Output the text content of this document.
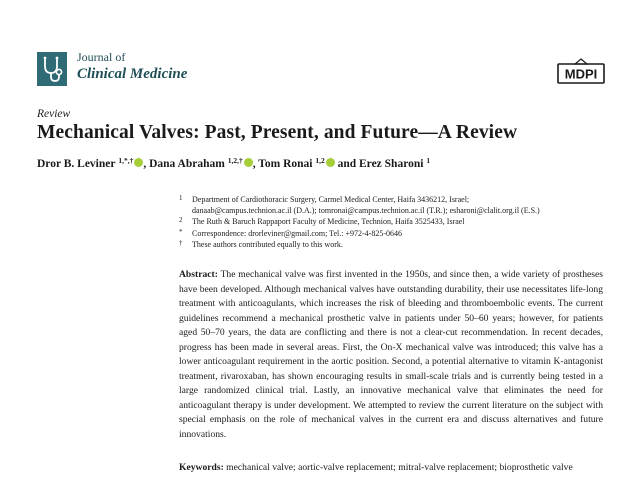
Journal of
Clinical Medicine	MDPI
Review
Mechanical Valves: Past, Present, and Future—A Review
Dror B. Leviner $^{1,*,\dagger}$ , Dana Abraham $^{1,2,\dagger}$ , Tom Ronai $^{1,2}$ and Erez Sharoni $^1$
1 Department of Cardiothoracic Surgery, Carmel Medical Center, Haifa 3436212, Israel;
danaab@campus.technion.ac.il (D.A.); tomronai@campus.technion.ac.il (T.R.); esharoni@clalit.org.il (E.S.)
2 The Ruth & Baruch Rappaport Faculty of Medicine, Technion, Haifa 3525433, Israel
* Correspondence: drorleviner@gmail.com; Tel.: +972-4-825-0646
† These authors contributed equally to this work.
Abstract: The mechanical valve was first invented in the 1950s, and since then, a wide variety of prostheses have been developed. Although mechanical valves have outstanding durability, their use necessitates life-long treatment with anticoagulants, which increases the risk of bleeding and thromboembolic events. The current guidelines recommend a mechanical prosthetic valve in patients under 50–60 years; however, for patients aged 50–70 years, the data are conflicting and there is not a clear-cut recommendation. In recent decades, progress has been made in several areas. First, the On-X mechanical valve was introduced; this valve has a lower anticoagulant requirement in the aortic position. Second, a potential alternative to vitamin K-antagonist treatment, rivaroxaban, has shown encouraging results in small-scale trials and is currently being tested in a large randomized clinical trial. Lastly, an innovative mechanical valve that eliminates the need for anticoagulant therapy is under development. We attempted to review the current literature on the subject with special emphasis on the role of mechanical valves in the current era and discuss alternatives and future innovations.
Keywords: mechanical valve; aortic-valve replacement; mitral-valve replacement; bioprosthetic valve
